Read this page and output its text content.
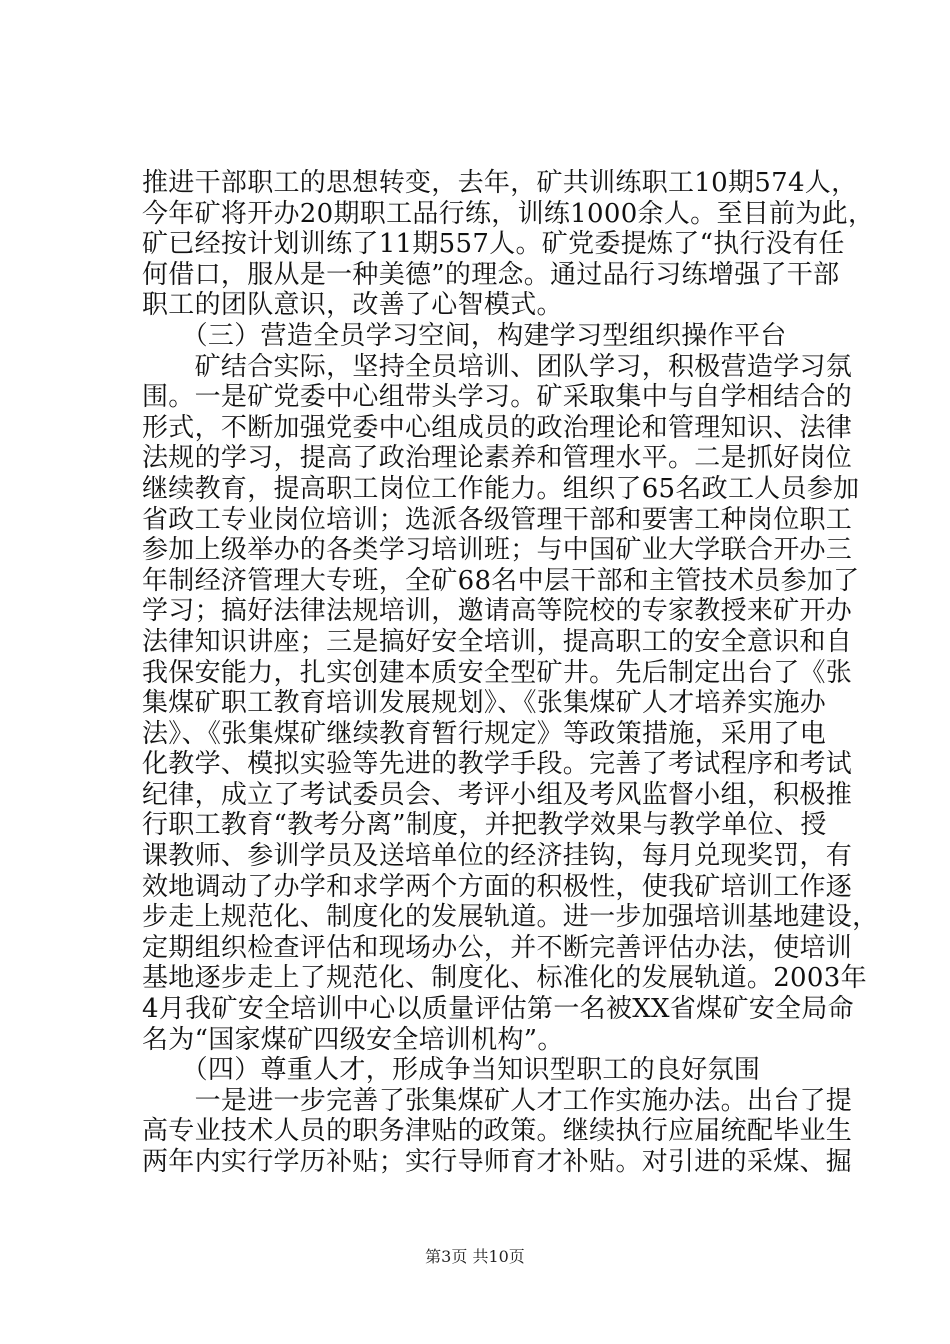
推进干部职工的思想转变，去年，矿共训练职工10期574人，
今年矿将开办20期职工品行练，训练1000余人。至目前为此，
矿已经按计划训练了11期557人。矿党委提炼了“执行没有任
何借口，服从是一种美德”的理念。通过品行习练增强了干部
职工的团队意识，改善了心智模式。
　　（三）营造全员学习空间，构建学习型组织操作平台
　　矿结合实际，坚持全员培训、团队学习，积极营造学习氛
围。一是矿党委中心组带头学习。矿采取集中与自学相结合的
形式，不断加强党委中心组成员的政治理论和管理知识、法律
法规的学习，提高了政治理论素养和管理水平。二是抓好岗位
继续教育，提高职工岗位工作能力。组织了65名政工人员参加
省政工专业岗位培训；选派各级管理干部和要害工种岗位职工
参加上级举办的各类学习培训班；与中国矿业大学联合开办三
年制经济管理大专班，全矿68名中层干部和主管技术员参加了
学习；搞好法律法规培训，邀请高等院校的专家教授来矿开办
法律知识讲座；三是搞好安全培训，提高职工的安全意识和自
我保安能力，扎实创建本质安全型矿井。先后制定出台了《张
集煤矿职工教育培训发展规划》、《张集煤矿人才培养实施办
法》、《张集煤矿继续教育暂行规定》等政策措施，采用了电
化教学、模拟实验等先进的教学手段。完善了考试程序和考试
纪律，成立了考试委员会、考评小组及考风监督小组，积极推
行职工教育“教考分离”制度，并把教学效果与教学单位、授
课教师、参训学员及送培单位的经济挂钩，每月兑现奖罚，有
效地调动了办学和求学两个方面的积极性，使我矿培训工作逐
步走上规范化、制度化的发展轨道。进一步加强培训基地建设，
定期组织检查评估和现场办公，并不断完善评估办法，使培训
基地逐步走上了规范化、制度化、标准化的发展轨道。2003年
4月我矿安全培训中心以质量评估第一名被XX省煤矿安全局命
名为“国家煤矿四级安全培训机构”。
　　（四）尊重人才，形成争当知识型职工的良好氛围
　　一是进一步完善了张集煤矿人才工作实施办法。出台了提
高专业技术人员的职务津贴的政策。继续执行应届统配毕业生
两年内实行学历补贴；实行导师育才补贴。对引进的采煤、掘
第3页 共10页
